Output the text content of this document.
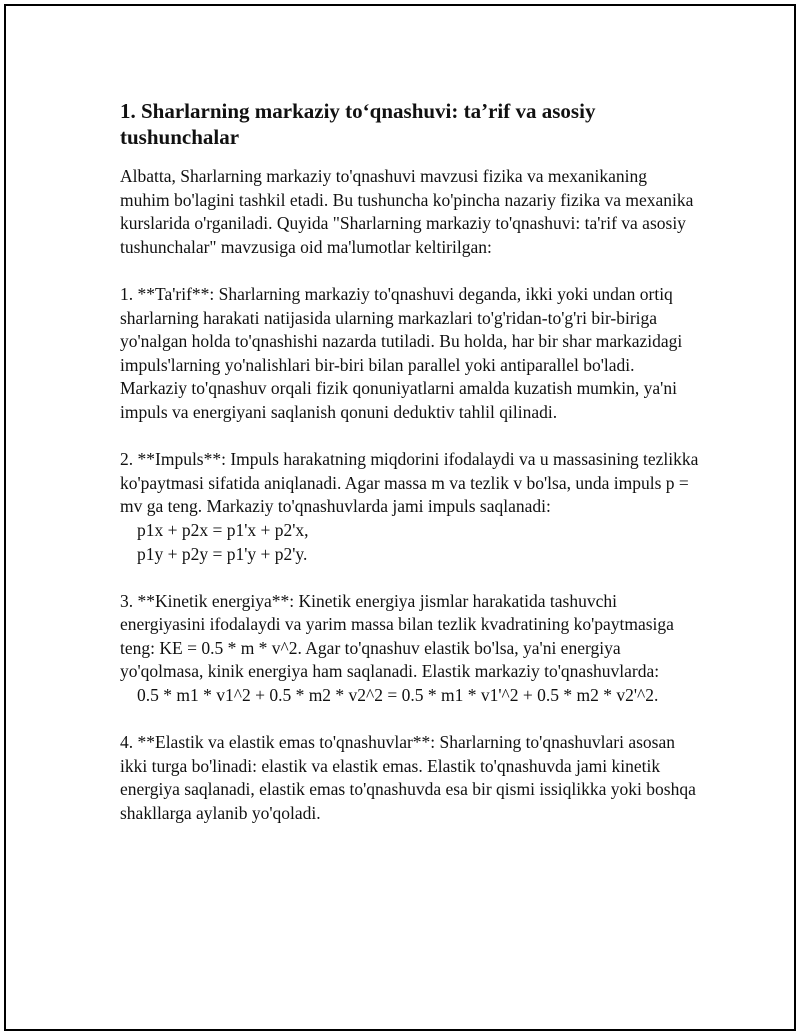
1. Sharlarning markaziy to‘qnashuvi: ta’rif va asosiy tushunchalar

Albatta, Sharlarning markaziy to'qnashuvi mavzusi fizika va mexanikaning muhim bo'lagini tashkil etadi. Bu tushuncha ko'pincha nazariy fizika va mexanika kurslarida o'rganiladi. Quyida "Sharlarning markaziy to'qnashuvi: ta'rif va asosiy tushunchalar" mavzusiga oid ma'lumotlar keltirilgan:

1. **Ta'rif**: Sharlarning markaziy to'qnashuvi deganda, ikki yoki undan ortiq sharlarning harakati natijasida ularning markazlari to'g'ridan-to'g'ri bir-biriga yo'nalgan holda to'qnashishi nazarda tutiladi. Bu holda, har bir shar markazidagi impuls'larning yo'nalishlari bir-biri bilan parallel yoki antiparallel bo'ladi. Markaziy to'qnashuv orqali fizik qonuniyatlarni amalda kuzatish mumkin, ya'ni impuls va energiyani saqlanish qonuni deduktiv tahlil qilinadi.

2. **Impuls**: Impuls harakatning miqdorini ifodalaydi va u massasining tezlikka ko'paytmasi sifatida aniqlanadi. Agar massa m va tezlik v bo'lsa, unda impuls p = mv ga teng. Markaziy to'qnashuvlarda jami impuls saqlanadi:
p1x + p2x = p1'x + p2'x,
p1y + p2y = p1'y + p2'y.

3. **Kinetik energiya**: Kinetik energiya jismlar harakatida tashuvchi energiyasini ifodalaydi va yarim massa bilan tezlik kvadratining ko'paytmasiga teng: KE = 0.5 * m * v^2. Agar to'qnashuv elastik bo'lsa, ya'ni energiya yo'qolmasa, kinik energiya ham saqlanadi. Elastik markaziy to'qnashuvlarda:
0.5 * m1 * v1^2 + 0.5 * m2 * v2^2 = 0.5 * m1 * v1'^2 + 0.5 * m2 * v2'^2.

4. **Elastik va elastik emas to'qnashuvlar**: Sharlarning to'qnashuvlari asosan ikki turga bo'linadi: elastik va elastik emas. Elastik to'qnashuvda jami kinetik energiya saqlanadi, elastik emas to'qnashuvda esa bir qismi issiqlikka yoki boshqa shakllarga aylanib yo'qoladi.
